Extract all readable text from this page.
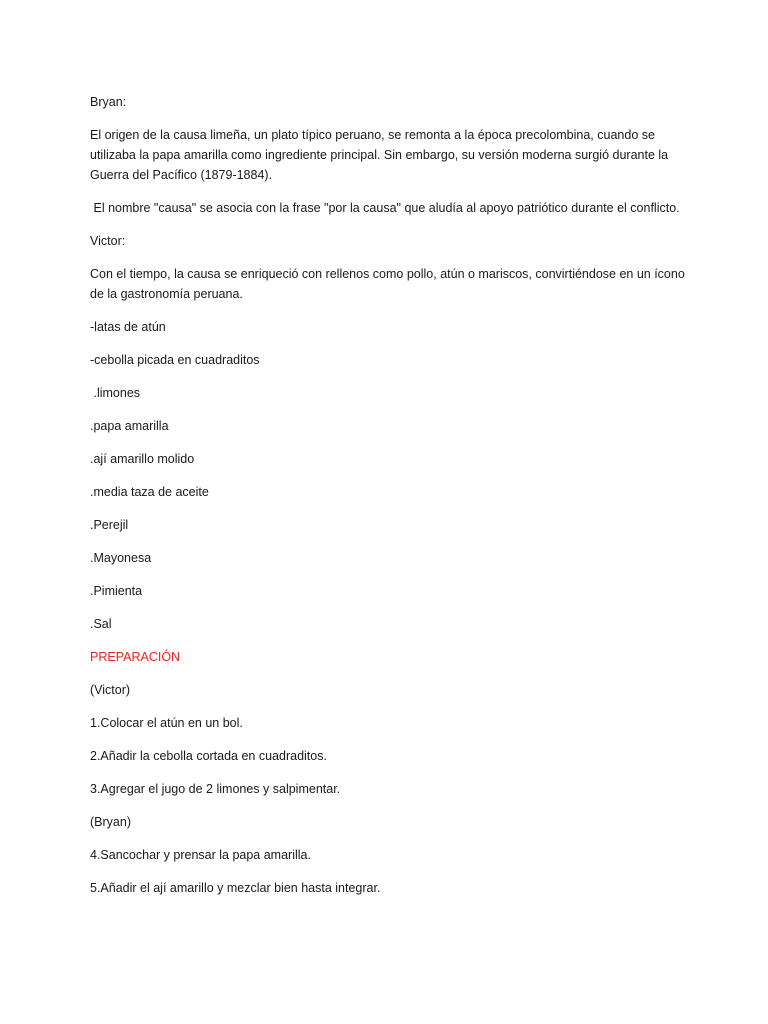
Bryan:

El origen de la causa limeña, un plato típico peruano, se remonta a la época precolombina, cuando se utilizaba la papa amarilla como ingrediente principal. Sin embargo, su versión moderna surgió durante la Guerra del Pacífico (1879-1884).

El nombre "causa" se asocia con la frase "por la causa" que aludía al apoyo patriótico durante el conflicto.

Victor:

Con el tiempo, la causa se enriqueció con rellenos como pollo, atún o mariscos, convirtiéndose en un ícono de la gastronomía peruana.

-latas de atún

-cebolla picada en cuadraditos

.limones

.papa amarilla

.ají amarillo molido

.media taza de aceite

.Perejil

.Mayonesa

.Pimienta

.Sal

PREPARACIÓN

(Victor)

1.Colocar el atún en un bol.

2.Añadir la cebolla cortada en cuadraditos.

3.Agregar el jugo de 2 limones y salpimentar.

(Bryan)

4.Sancochar y prensar la papa amarilla.

5.Añadir el ají amarillo y mezclar bien hasta integrar.
